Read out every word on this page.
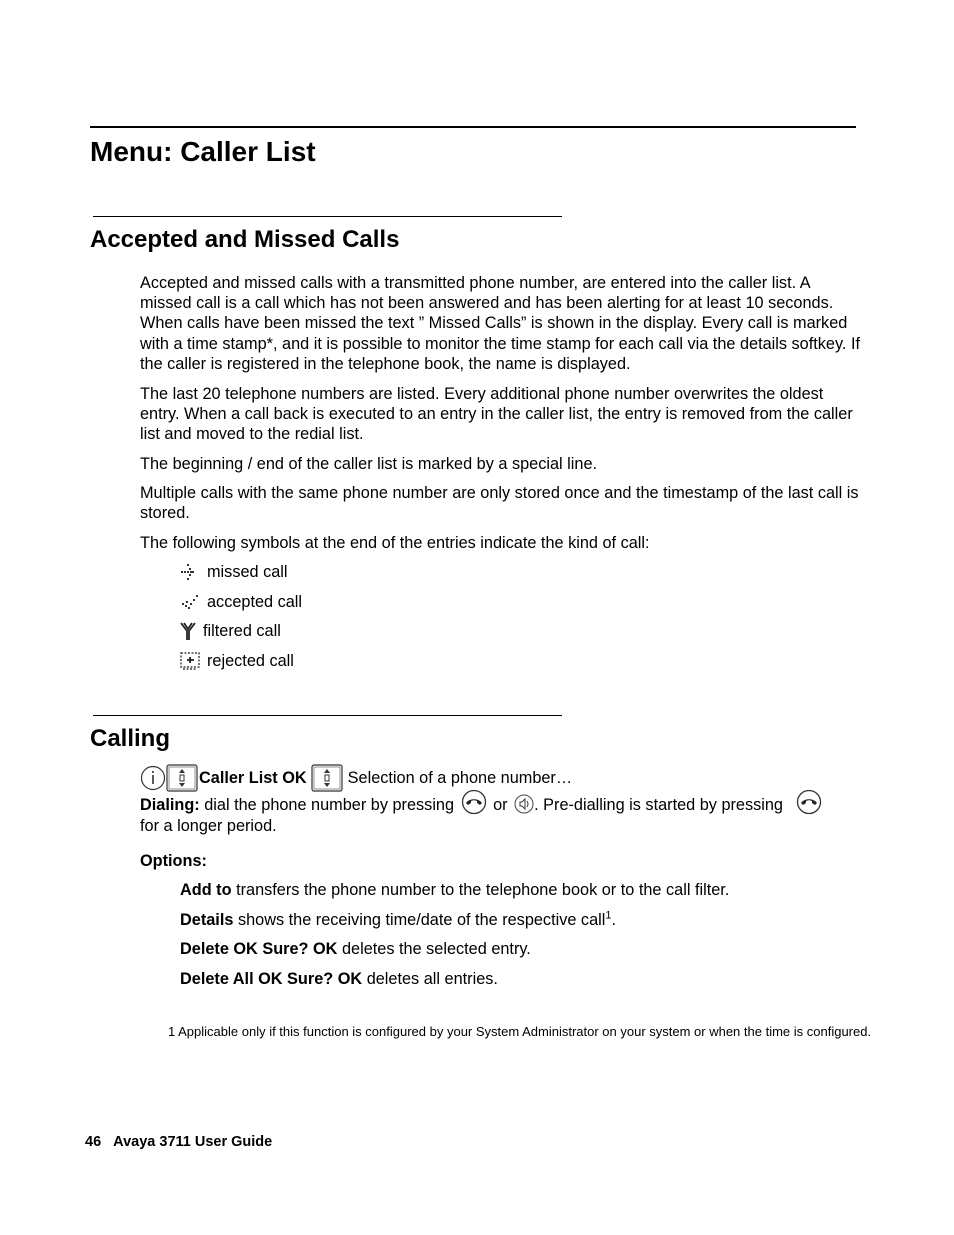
Menu: Caller List
Accepted and Missed Calls

Accepted and missed calls with a transmitted phone number, are entered into the caller list. A missed call is a call which has not been answered and has been alerting for at least 10 seconds. When calls have been missed the text ” Missed Calls” is shown in the display. Every call is marked with a time stamp*, and it is possible to monitor the time stamp for each call via the details softkey. If the caller is registered in the telephone book, the name is displayed.

The last 20 telephone numbers are listed. Every additional phone number overwrites the oldest entry. When a call back is executed to an entry in the caller list, the entry is removed from the caller list and moved to the redial list.

The beginning / end of the caller list is marked by a special line.

Multiple calls with the same phone number are only stored once and the timestamp of the last call is stored.

The following symbols at the end of the entries indicate the kind of call:

missed call
accepted call
filtered call
rejected call
Calling
Caller List OK	Selection of a phone number…
Dialing: dial the phone number by pressing or . Pre-dialling is started by pressing
for a longer period.
Options:
Add to transfers the phone number to the telephone book or to the call filter.
Details shows the receiving time/date of the respective call$^1$.
Delete OK Sure? OK deletes the selected entry.
Delete All OK Sure? OK deletes all entries.
1 Applicable only if this function is configured by your System Administrator on your system or when the time is configured.
46 Avaya 3711 User Guide
